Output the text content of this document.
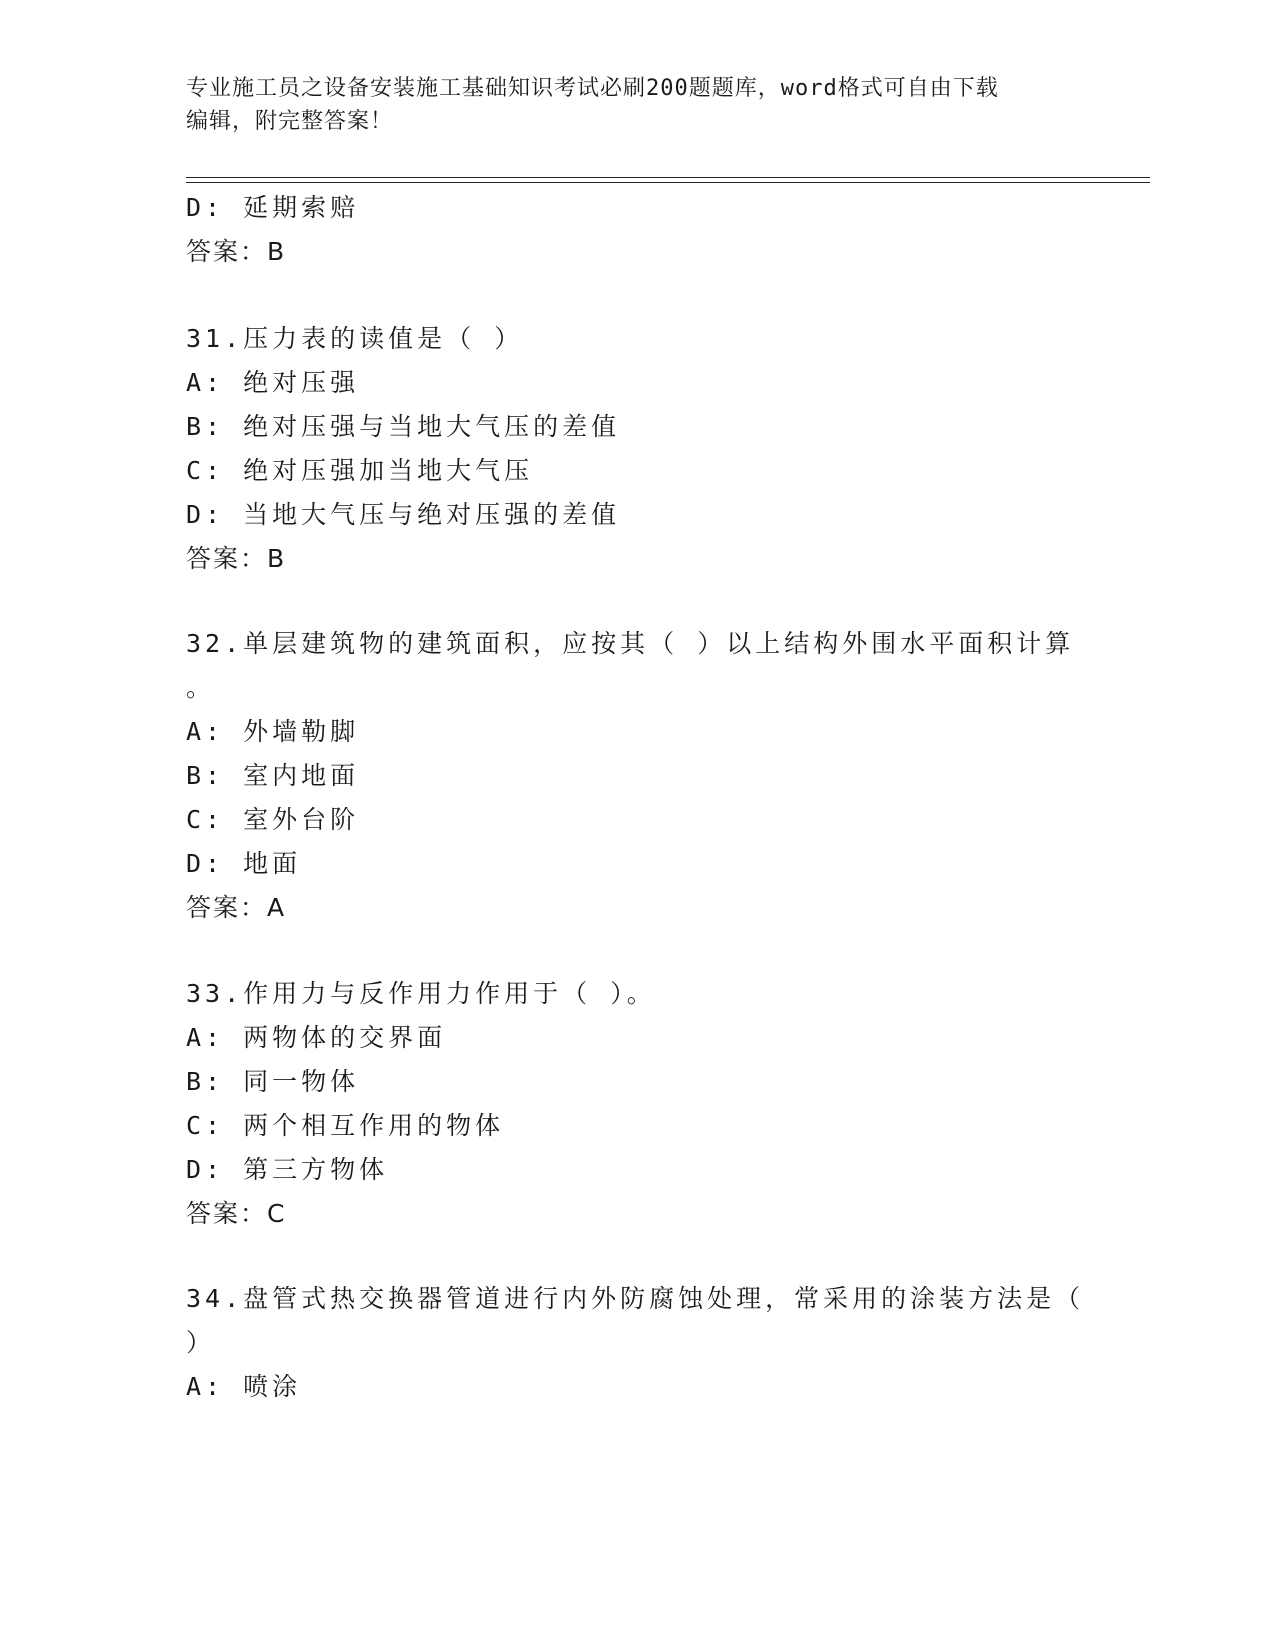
专业施工员之设备安装施工基础知识考试必刷200题题库，word格式可自由下载
编辑，附完整答案！
D: 延期索赔
答案：B
31.压力表的读值是（ ）
A: 绝对压强
B: 绝对压强与当地大气压的差值
C: 绝对压强加当地大气压
D: 当地大气压与绝对压强的差值
答案：B
32.单层建筑物的建筑面积，应按其（ ）以上结构外围水平面积计算
。
A: 外墙勒脚
B: 室内地面
C: 室外台阶
D: 地面
答案：A
33.作用力与反作用力作用于（ ）。
A: 两物体的交界面
B: 同一物体
C: 两个相互作用的物体
D: 第三方物体
答案：C
34.盘管式热交换器管道进行内外防腐蚀处理，常采用的涂装方法是（
）
A: 喷涂
